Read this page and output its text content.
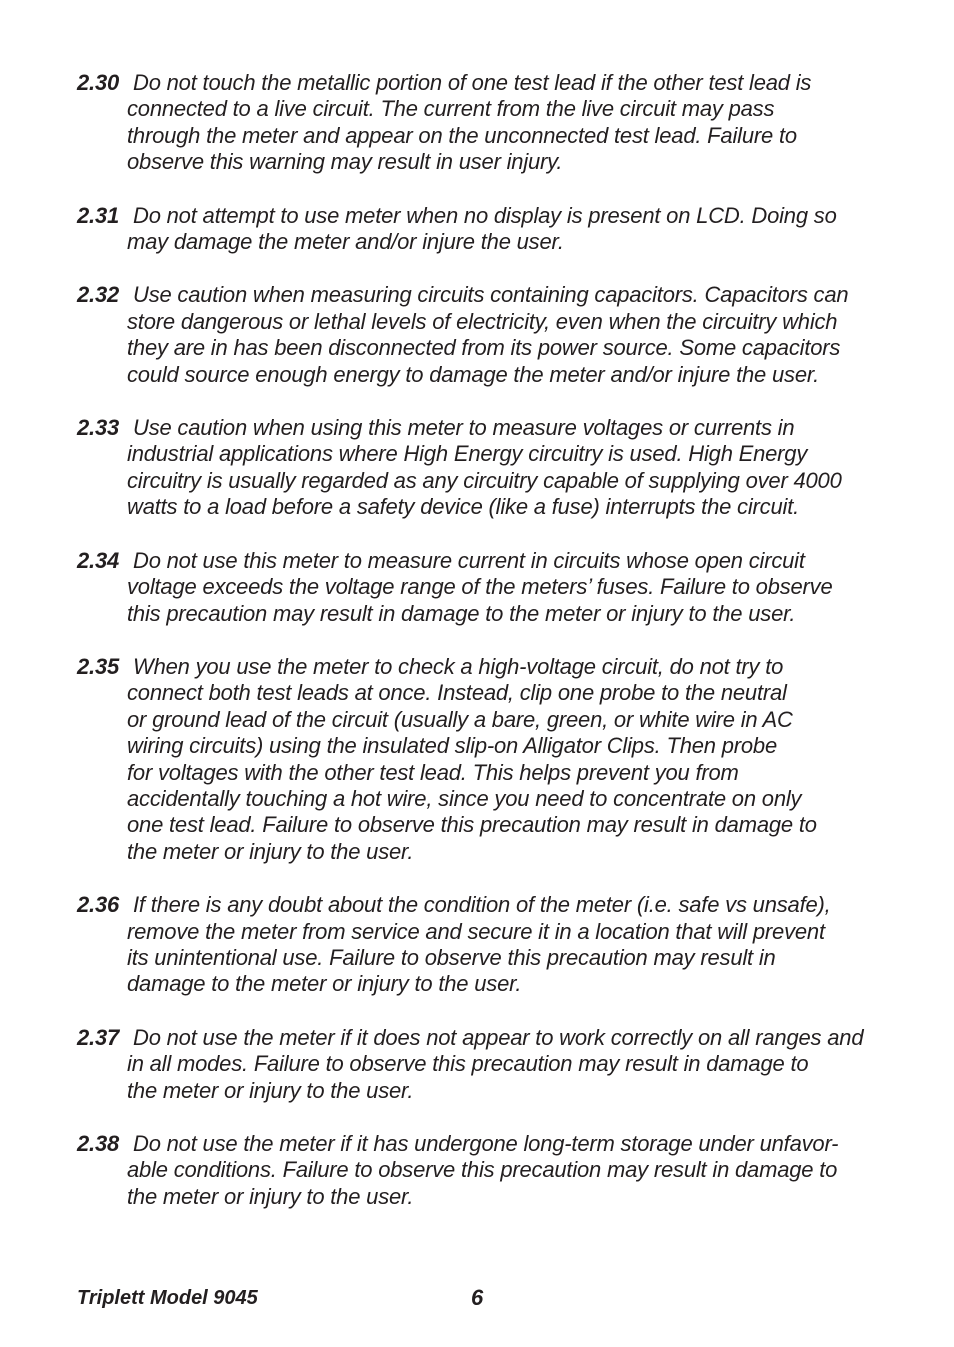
2.30 Do not touch the metallic portion of one test lead if the other test lead is
connected to a live circuit. The current from the live circuit may pass
through the meter and appear on the unconnected test lead. Failure to
observe this warning may result in user injury.
2.31 Do not attempt to use meter when no display is present on LCD. Doing so
may damage the meter and/or injure the user.
2.32 Use caution when measuring circuits containing capacitors. Capacitors can
store dangerous or lethal levels of electricity, even when the circuitry which
they are in has been disconnected from its power source. Some capacitors
could source enough energy to damage the meter and/or injure the user.
2.33 Use caution when using this meter to measure voltages or currents in
industrial applications where High Energy circuitry is used. High Energy
circuitry is usually regarded as any circuitry capable of supplying over 4000
watts to a load before a safety device (like a fuse) interrupts the circuit.
2.34 Do not use this meter to measure current in circuits whose open circuit
voltage exceeds the voltage range of the meters’ fuses. Failure to observe
this precaution may result in damage to the meter or injury to the user.
2.35 When you use the meter to check a high-voltage circuit, do not try to
connect both test leads at once. Instead, clip one probe to the neutral
or ground lead of the circuit (usually a bare, green, or white wire in AC
wiring circuits) using the insulated slip-on Alligator Clips. Then probe
for voltages with the other test lead. This helps prevent you from
accidentally touching a hot wire, since you need to concentrate on only
one test lead. Failure to observe this precaution may result in damage to
the meter or injury to the user.
2.36 If there is any doubt about the condition of the meter (i.e. safe vs unsafe),
remove the meter from service and secure it in a location that will prevent
its unintentional use. Failure to observe this precaution may result in
damage to the meter or injury to the user.
2.37 Do not use the meter if it does not appear to work correctly on all ranges and
in all modes. Failure to observe this precaution may result in damage to
the meter or injury to the user.
2.38 Do not use the meter if it has undergone long-term storage under unfavor-
able conditions. Failure to observe this precaution may result in damage to
the meter or injury to the user.
Triplett Model 9045	6
